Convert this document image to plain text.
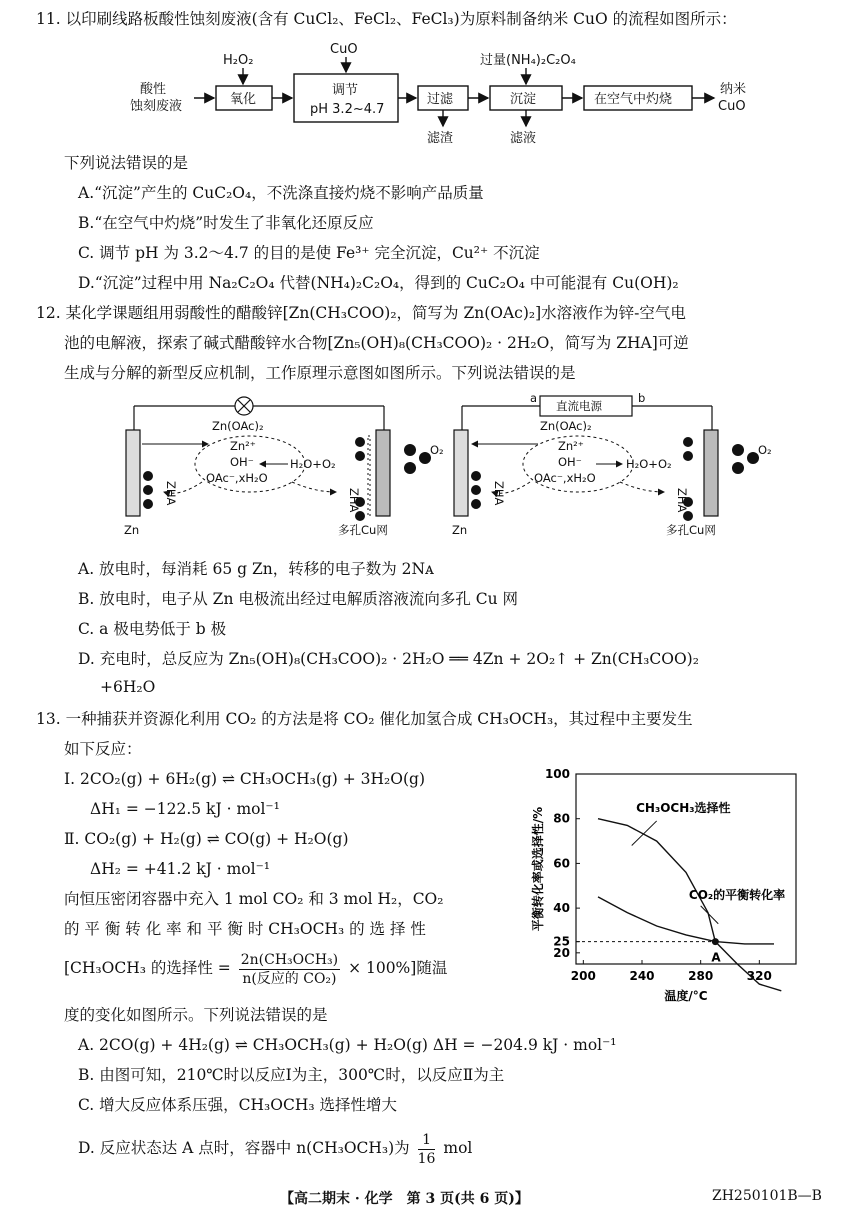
11. 以印刷线路板酸性蚀刻废液(含有 CuCl₂、FeCl₂、FeCl₃)为原料制备纳米 CuO 的流程如图所示：
酸性
蚀刻废液	氧化
H₂O₂
调节
pH 3.2~4.7
CuO
过滤
滤渣
沉淀
过量(NH₄)₂C₂O₄
滤液
在空气中灼烧
纳米
CuO
下列说法错误的是
A.“沉淀”产生的 CuC₂O₄，不洗涤直接灼烧不影响产品质量
B.“在空气中灼烧”时发生了非氧化还原反应
C. 调节 pH 为 3.2～4.7 的目的是使 Fe³⁺ 完全沉淀，Cu²⁺ 不沉淀
D.“沉淀”过程中用 Na₂C₂O₄ 代替(NH₄)₂C₂O₄，得到的 CuC₂O₄ 中可能混有 Cu(OH)₂
12. 某化学课题组用弱酸性的醋酸锌[Zn(CH₃COO)₂，简写为 Zn(OAc)₂]水溶液作为锌-空气电
池的电解液，探索了碱式醋酸锌水合物[Zn₅(OH)₈(CH₃COO)₂ · 2H₂O，简写为 ZHA]可逆
生成与分解的新型反应机制，工作原理示意图如图所示。下列说法错误的是
ZHA
Zn
Zn(OAc)₂
Zn²⁺
OH⁻
OAc⁻,xH₂O
H₂O+O₂
ZHA
O₂
多孔Cu网
直流电源
a	b
ZHA
Zn
Zn(OAc)₂
Zn²⁺
OH⁻
OAc⁻,xH₂O
H₂O+O₂
ZHA
O₂
多孔Cu网
A. 放电时，每消耗 65 g Zn，转移的电子数为 2Nᴀ
B. 放电时，电子从 Zn 电极流出经过电解质溶液流向多孔 Cu 网
C. a 极电势低于 b 极
D. 充电时，总反应为 Zn₅(OH)₈(CH₃COO)₂ · 2H₂O ══ 4Zn + 2O₂↑ + Zn(CH₃COO)₂
+6H₂O
13. 一种捕获并资源化利用 CO₂ 的方法是将 CO₂ 催化加氢合成 CH₃OCH₃，其过程中主要发生
如下反应：
Ⅰ. 2CO₂(g) + 6H₂(g) ⇌ CH₃OCH₃(g) + 3H₂O(g)
ΔH₁ = −122.5 kJ · mol⁻¹
Ⅱ. CO₂(g) + H₂(g) ⇌ CO(g) + H₂O(g)
ΔH₂ = +41.2 kJ · mol⁻¹
向恒压密闭容器中充入 1 mol CO₂ 和 3 mol H₂，CO₂
的 平 衡 转 化 率 和 平 衡 时 CH₃OCH₃ 的 选 择 性
[CH₃OCH₃ 的选择性 = $\frac{\text{2n(CH₃OCH₃)}}{\text{n(反应的 CO₂)}} \times 100\%$]随温
度的变化如图所示。下列说法错误的是
200	240	280	320
20
25
40
60
80
100
A
CH₃OCH₃选择性
CO₂的平衡转化率
温度/°C
平衡转化率或选择性/%
A. 2CO(g) + 4H₂(g) ⇌ CH₃OCH₃(g) + H₂O(g) ΔH = −204.9 kJ · mol⁻¹
B. 由图可知，210℃时以反应Ⅰ为主，300℃时，以反应Ⅱ为主
C. 增大反应体系压强，CH₃OCH₃ 选择性增大
D. 反应状态达 A 点时，容器中 n(CH₃OCH₃)为 $\frac{1}{16}$ mol
【高二期末 · 化学　第 3 页(共 6 页)】	ZH250101B—B
